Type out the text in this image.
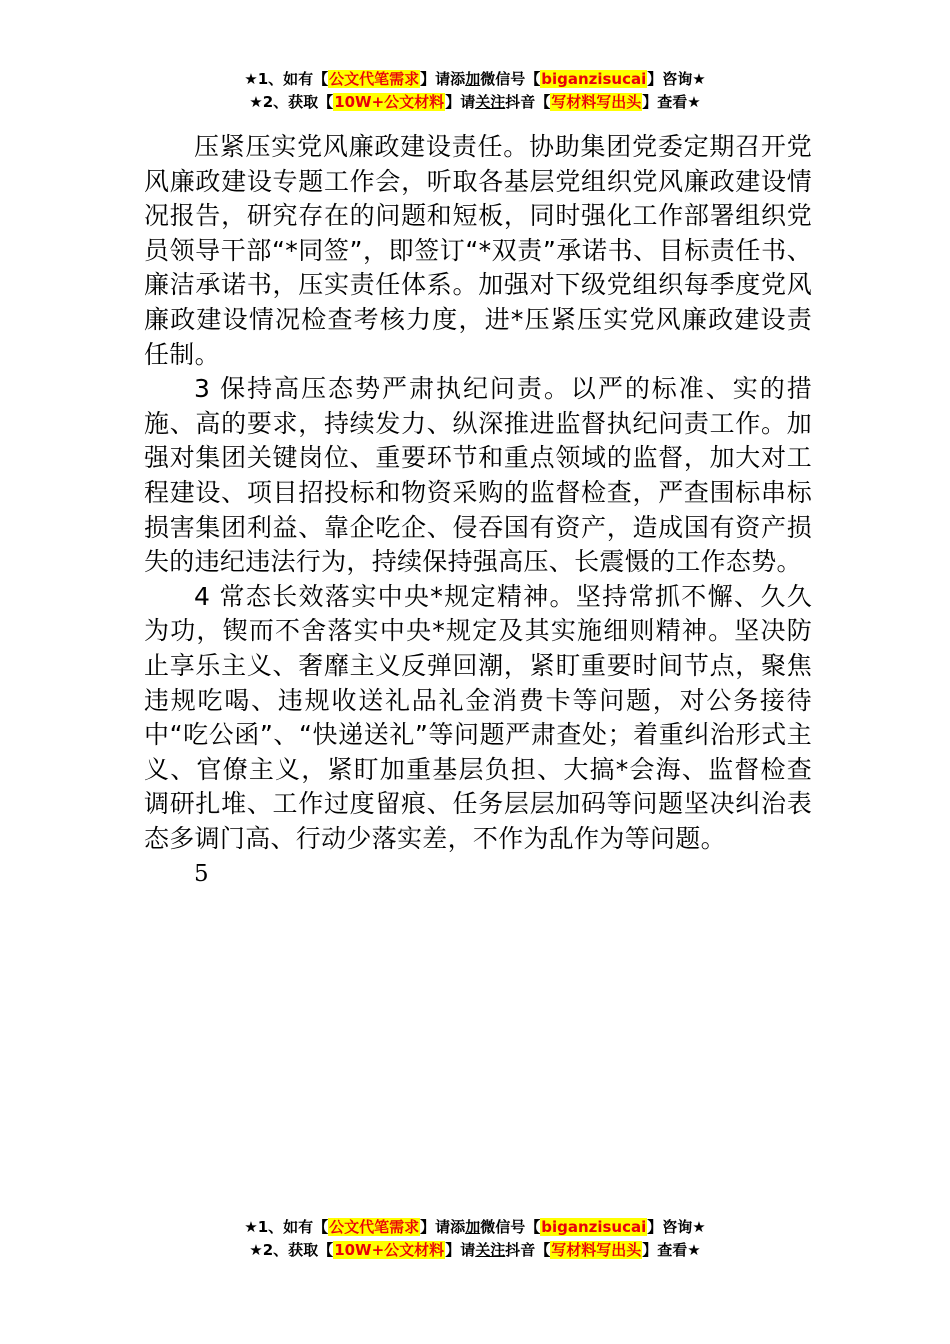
★1、如有【公文代笔需求】请添加微信号【biganzisucai】咨询★
★2、获取【10W+公文材料】请关注抖音【写材料写出头】查看★

压紧压实党风廉政建设责任。协助集团党委定期召开党风廉政建设专题工作会，听取各基层党组织党风廉政建设情况报告，研究存在的问题和短板，同时强化工作部署组织党员领导干部“*同签”，即签订“*双责”承诺书、目标责任书、廉洁承诺书，压实责任体系。加强对下级党组织每季度党风廉政建设情况检查考核力度，进*压紧压实党风廉政建设责任制。

3 保持高压态势严肃执纪问责。以严的标准、实的措施、高的要求，持续发力、纵深推进监督执纪问责工作。加强对集团关键岗位、重要环节和重点领域的监督，加大对工程建设、项目招投标和物资采购的监督检查，严查围标串标损害集团利益、靠企吃企、侵吞国有资产，造成国有资产损失的违纪违法行为，持续保持强高压、长震慑的工作态势。

4 常态长效落实中央*规定精神。坚持常抓不懈、久久为功，锲而不舍落实中央*规定及其实施细则精神。坚决防止享乐主义、奢靡主义反弹回潮，紧盯重要时间节点，聚焦违规吃喝、违规收送礼品礼金消费卡等问题，对公务接待中“吃公函”、“快递送礼”等问题严肃查处；着重纠治形式主义、官僚主义，紧盯加重基层负担、大搞*会海、监督检查调研扎堆、工作过度留痕、任务层层加码等问题坚决纠治表态多调门高、行动少落实差，不作为乱作为等问题。

5

★1、如有【公文代笔需求】请添加微信号【biganzisucai】咨询★
★2、获取【10W+公文材料】请关注抖音【写材料写出头】查看★
